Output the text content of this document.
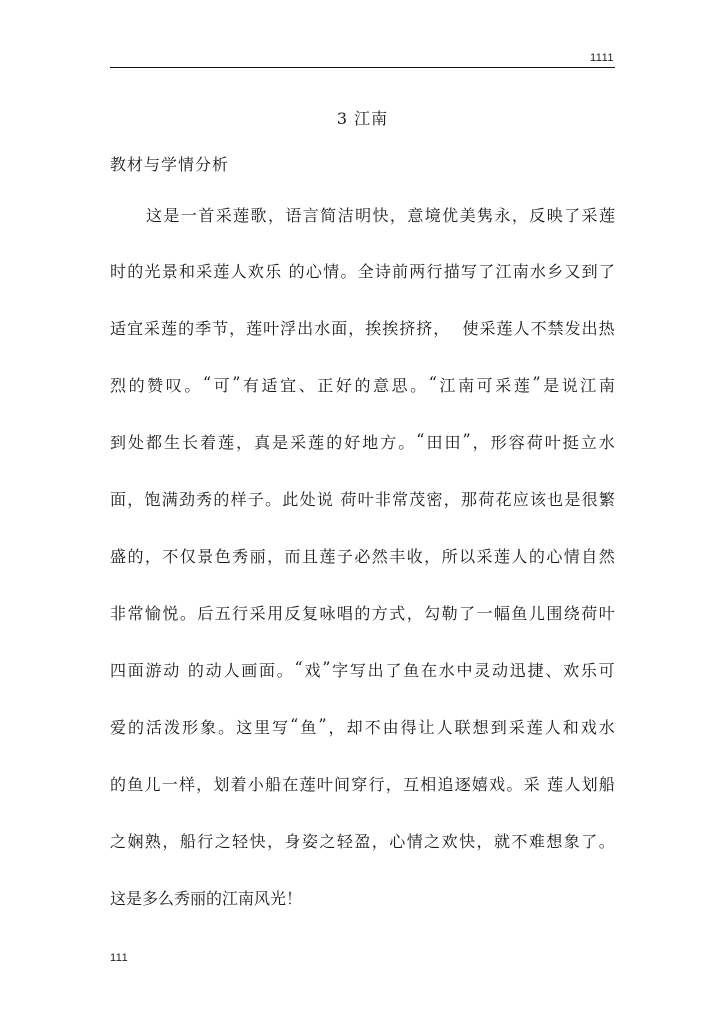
1111
3 江南
教材与学情分析
这 是 一 首 采 莲 歌 ， 语 言 简 洁 明 快 ， 意 境 优 美 隽 永 ， 反 映 了 采 莲
时 的 光 景 和 采 莲 人 欢 乐
的 心 情 。 全 诗 前 两 行 描 写 了 江 南 水 乡 又 到 了
适 宜 采 莲 的 季 节 ， 莲 叶 浮 出 水 面 ， 挨 挨 挤 挤 ，

使 采 莲 人 不 禁 发 出 热
烈 的 赞 叹 。 “ 可 ” 有 适 宜 、 正 好 的 意 思 。 “ 江 南 可 采 莲 ” 是 说 江 南
到 处 都 生 长 着 莲 ， 真 是 采 莲 的 好 地 方 。 “ 田 田 ” ， 形 容 荷 叶 挺 立 水
面 ， 饱 满 劲 秀 的 样 子 。 此 处 说
荷 叶 非 常 茂 密 ， 那 荷 花 应 该 也 是 很 繁
盛 的 ， 不 仅 景 色 秀 丽 ， 而 且 莲 子 必 然 丰 收 ， 所 以 采 莲 人 的 心 情 自 然
非 常 愉 悦 。 后 五 行 采 用 反 复 咏 唱 的 方 式 ， 勾 勒 了 一 幅 鱼 儿 围 绕 荷 叶
四 面 游 动
的 动 人 画 面 。 “ 戏 ” 字 写 出 了 鱼 在 水 中 灵 动 迅 捷 、 欢 乐 可
爱 的 活 泼 形 象 。 这 里 写 “ 鱼 ” ， 却 不 由 得 让 人 联 想 到 采 莲 人 和 戏 水
的 鱼 儿 一 样 ， 划 着 小 船 在 莲 叶 间 穿 行 ， 互 相 追 逐 嬉 戏 。 采
莲 人 划 船
之 娴 熟 ， 船 行 之 轻 快 ， 身 姿 之 轻 盈 ， 心 情 之 欢 快 ， 就 不 难 想 象 了 。
这是多么秀丽的江南风光！
111
